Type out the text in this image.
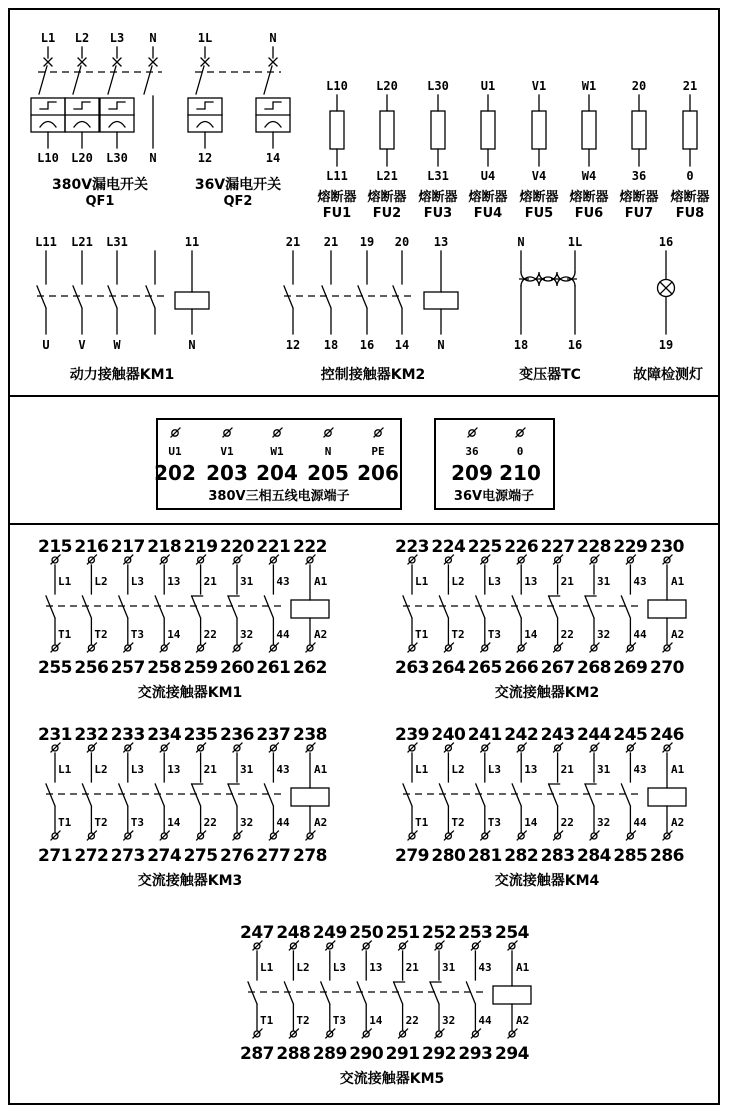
L1 L2 L3 N
L10 L20 L30 N
380V漏电开关
QF1
1L	N
12	14
36V漏电开关
QF2
L10
L11
熔断器
FU1
L20
L21
熔断器
FU2
L30
L31
熔断器
FU3
U1
U4
熔断器
FU4
V1
V4
熔断器
FU5
W1
W4
熔断器
FU6
20
36
熔断器
FU7
21
0
熔断器
FU8
L11 L21 L31	11
U V W	N
动力接触器KM1
21 21 19 20 13
12 18 16 14 N
控制接触器KM2
N	1L
18	16
变压器TC
16
19
故障检测灯
U1	V1	W1	N	PE
202 203 204 205 206
380V三相五线电源端子
36	0
209 210
36V电源端子
215
L1
T1
255
216
L2
T2
256
217
L3
T3
257
218
13
14
258
219
21
22
259
220
31
32
260
221
43
44
261
222
A1
A2
262
交流接触器KM1
223
L1
T1
263
224
L2
T2
264
225
L3
T3
265
226
13
14
266
227
21
22
267
228
31
32
268
229
43
44
269
230
A1
A2
270
交流接触器KM2
231
L1
T1
271
232
L2
T2
272
233
L3
T3
273
234
13
14
274
235
21
22
275
236
31
32
276
237
43
44
277
238
A1
A2
278
交流接触器KM3
239
L1
T1
279
240
L2
T2
280
241
L3
T3
281
242
13
14
282
243
21
22
283
244
31
32
284
245
43
44
285
246
A1
A2
286
交流接触器KM4
247
L1
T1
287
248
L2
T2
288
249
L3
T3
289
250
13
14
290
251
21
22
291
252
31
32
292
253
43
44
293
254
A1
A2
294
交流接触器KM5
